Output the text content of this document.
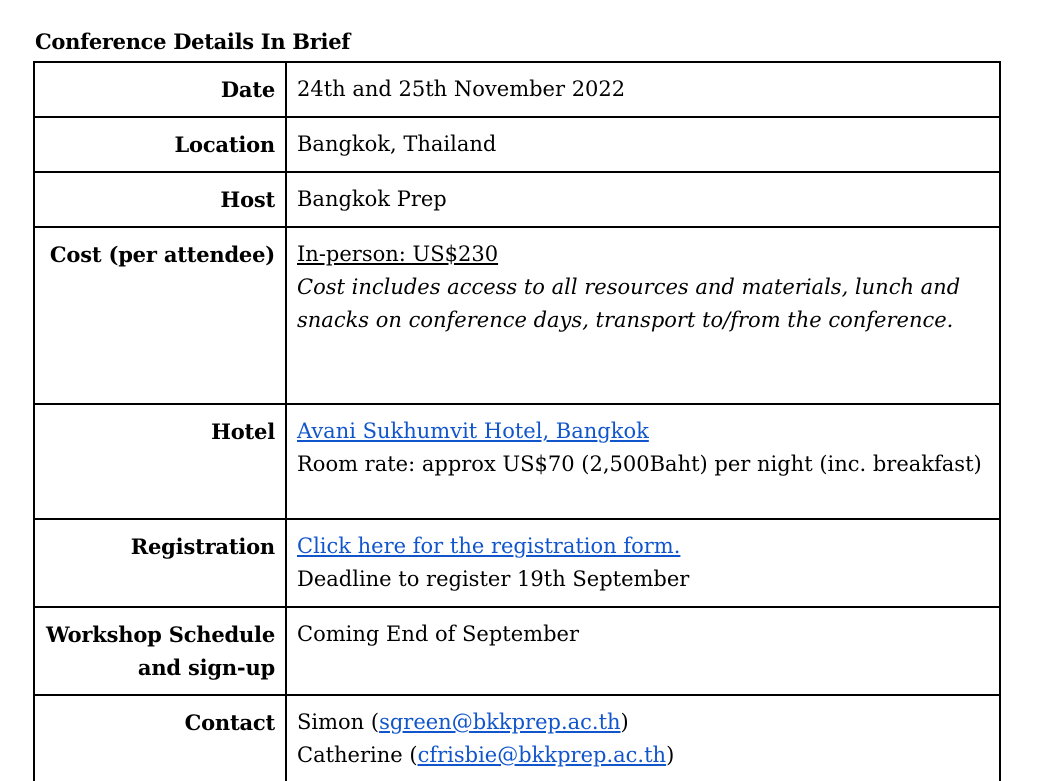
Conference Details In Brief
Date	24th and 25th November 2022
Location	Bangkok, Thailand
Host	Bangkok Prep
Cost (per attendee)	In-person: US$230
Cost includes access to all resources and materials, lunch and snacks on conference days, transport to/from the conference.

Hotel	Avani Sukhumvit Hotel, Bangkok
Room rate: approx US$70 (2,500Baht) per night (inc. breakfast)

Registration	Click here for the registration form.
Deadline to register 19th September

Workshop Schedule
and sign-up	Coming End of September
Contact	Simon (sgreen@bkkprep.ac.th)
Catherine (cfrisbie@bkkprep.ac.th)
